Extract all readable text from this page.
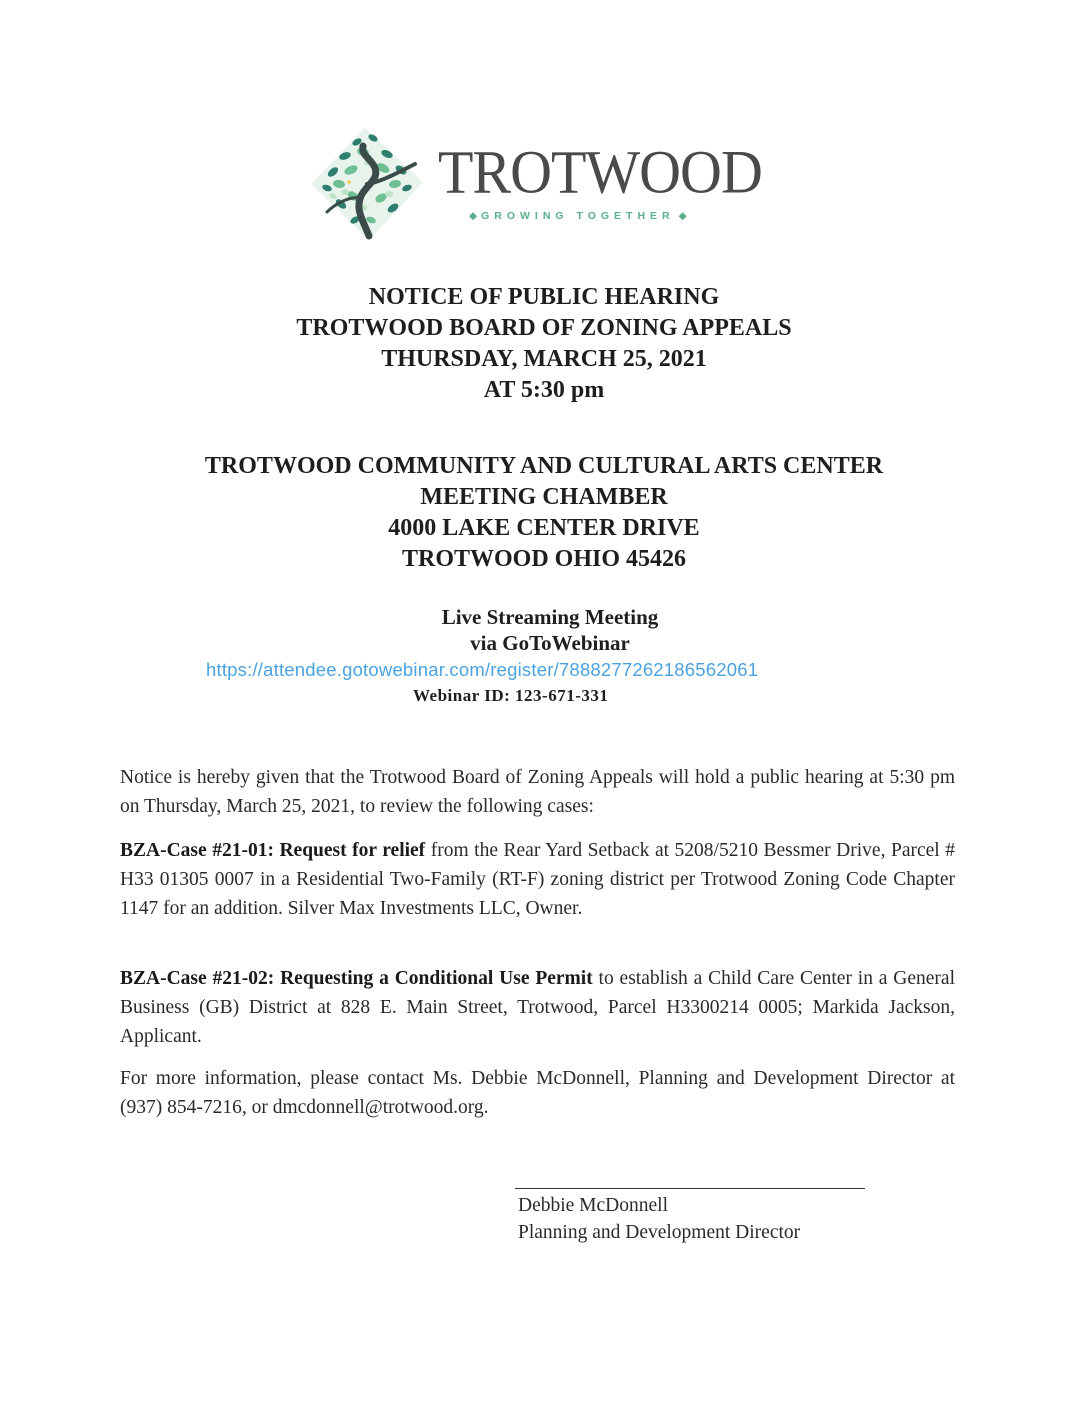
TROTWOOD
◆ GROWING TOGETHER ◆
NOTICE OF PUBLIC HEARING
TROTWOOD BOARD OF ZONING APPEALS
THURSDAY, MARCH 25, 2021
AT 5:30 pm
TROTWOOD COMMUNITY AND CULTURAL ARTS CENTER
MEETING CHAMBER
4000 LAKE CENTER DRIVE
TROTWOOD OHIO 45426
Live Streaming Meeting
via GoToWebinar
https://attendee.gotowebinar.com/register/7888277262186562061
Webinar ID: 123-671-331

Notice is hereby given that the Trotwood Board of Zoning Appeals will hold a public hearing at 5:30 pm on Thursday, March 25, 2021, to review the following cases:

BZA-Case #21-01: Request for relief from the Rear Yard Setback at 5208/5210 Bessmer Drive, Parcel # H33 01305 0007 in a Residential Two-Family (RT-F) zoning district per Trotwood Zoning Code Chapter 1147 for an addition. Silver Max Investments LLC, Owner.

BZA-Case #21-02: Requesting a Conditional Use Permit to establish a Child Care Center in a General Business (GB) District at 828 E. Main Street, Trotwood, Parcel H3300214 0005; Markida Jackson, Applicant.

For more information, please contact Ms. Debbie McDonnell, Planning and Development Director at (937) 854-7216, or dmcdonnell@trotwood.org.

Debbie McDonnell
Planning and Development Director
